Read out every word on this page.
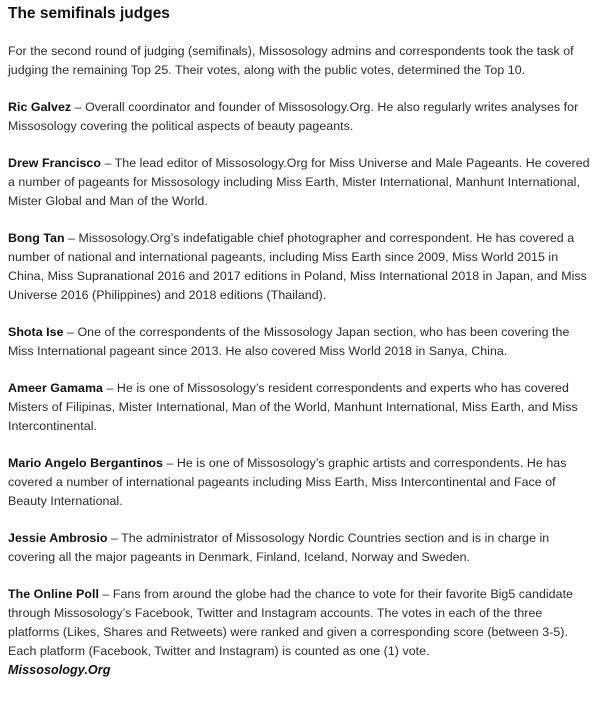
The semifinals judges

For the second round of judging (semifinals), Missosology admins and correspondents took the task of judging the remaining Top 25. Their votes, along with the public votes, determined the Top 10.

Ric Galvez – Overall coordinator and founder of Missosology.Org. He also regularly writes analyses for Missosology covering the political aspects of beauty pageants.

Drew Francisco – The lead editor of Missosology.Org for Miss Universe and Male Pageants. He covered a number of pageants for Missosology including Miss Earth, Mister International, Manhunt International, Mister Global and Man of the World.

Bong Tan – Missosology.Org’s indefatigable chief photographer and correspondent. He has covered a number of national and international pageants, including Miss Earth since 2009, Miss World 2015 in China, Miss Supranational 2016 and 2017 editions in Poland, Miss International 2018 in Japan, and Miss Universe 2016 (Philippines) and 2018 editions (Thailand).

Shota Ise – One of the correspondents of the Missosology Japan section, who has been covering the Miss International pageant since 2013. He also covered Miss World 2018 in Sanya, China.

Ameer Gamama – He is one of Missosology’s resident correspondents and experts who has covered Misters of Filipinas, Mister International, Man of the World, Manhunt International, Miss Earth, and Miss Intercontinental.

Mario Angelo Bergantinos – He is one of Missosology’s graphic artists and correspondents. He has covered a number of international pageants including Miss Earth, Miss Intercontinental and Face of Beauty International.

Jessie Ambrosio – The administrator of Missosology Nordic Countries section and is in charge in covering all the major pageants in Denmark, Finland, Iceland, Norway and Sweden.

The Online Poll – Fans from around the globe had the chance to vote for their favorite Big5 candidate through Missosology’s Facebook, Twitter and Instagram accounts. The votes in each of the three platforms (Likes, Shares and Retweets) were ranked and given a corresponding score (between 3-5). Each platform (Facebook, Twitter and Instagram) is counted as one (1) vote.
Missosology.Org
